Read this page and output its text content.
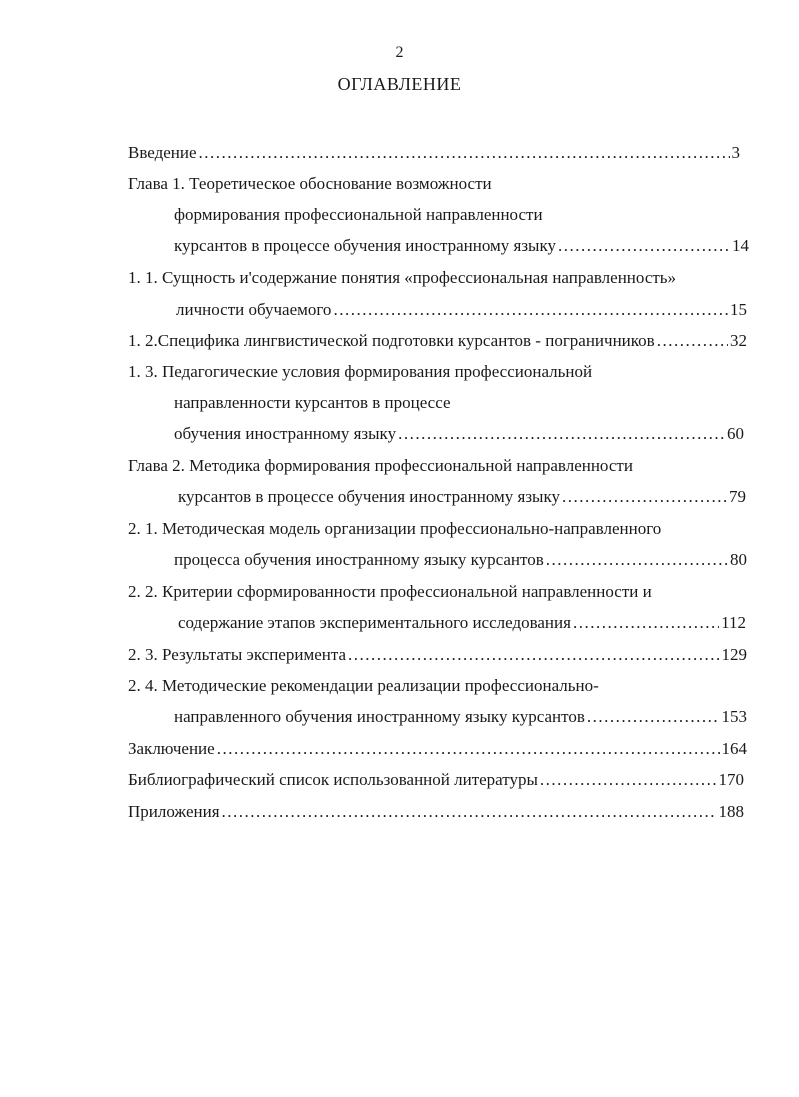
2
ОГЛАВЛЕНИЕ
Введение .....	3
Глава 1. Теоретическое обоснование возможности
формирования профессиональной направленности
курсантов в процессе обучения иностранному языку .....	14
1. 1. Сущность и'содержание понятия «профессиональная направленность»
личности обучаемого .....	15
1. 2.Специфика лингвистической подготовки курсантов - пограничников .....	32
1. 3. Педагогические условия формирования профессиональной
направленности курсантов в процессе
обучения иностранному языку .....	60
Глава 2. Методика формирования профессиональной направленности
курсантов в процессе обучения иностранному языку .....	79
2. 1. Методическая модель организации профессионально-направленного
процесса обучения иностранному языку курсантов .....	80
2. 2. Критерии сформированности профессиональной направленности и
содержание этапов экспериментального исследования .....	112
2. 3. Результаты эксперимента .....	129
2. 4. Методические рекомендации реализации профессионально-
направленного обучения иностранному языку курсантов .....	153
Заключение .....	164
Библиографический список использованной литературы .....	170
Приложения .....	188
